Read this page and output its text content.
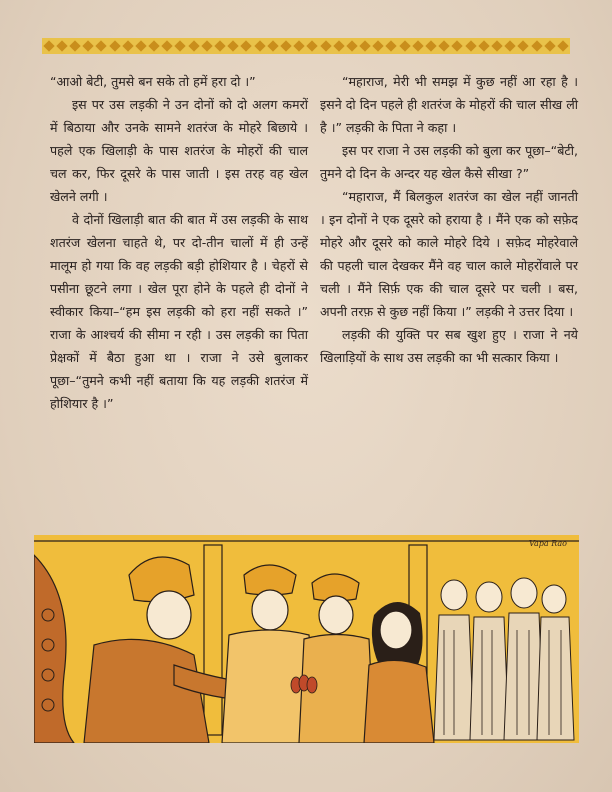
“आओ बेटी, तुमसे बन सके तो हमें हरा दो ।”

इस पर उस लड़की ने उन दोनों को दो अलग कमरों में बिठाया और उनके सामने शतरंज के मोहरे बिछाये । पहले एक खिलाड़ी के पास शतरंज के मोहरों की चाल चल कर, फिर दूसरे के पास जाती । इस तरह वह खेल खेलने लगी ।

वे दोनों खिलाड़ी बात की बात में उस लड़की के साथ शतरंज खेलना चाहते थे, पर दो-तीन चालों में ही उन्हें मालूम हो गया कि वह लड़की बड़ी होशियार है । चेहरों से पसीना छूटने लगा । खेल पूरा होने के पहले ही दोनों ने स्वीकार किया–“हम इस लड़की को हरा नहीं सकते ।” राजा के आश्चर्य की सीमा न रही । उस लड़की का पिता प्रेक्षकों में बैठा हुआ था । राजा ने उसे बुलाकर पूछा–“तुमने कभी नहीं बताया कि यह लड़की शतरंज में होशियार है ।”

“महाराज, मेरी भी समझ में कुछ नहीं आ रहा है । इसने दो दिन पहले ही शतरंज के मोहरों की चाल सीख ली है ।” लड़की के पिता ने कहा ।

इस पर राजा ने उस लड़की को बुला कर पूछा–“बेटी, तुमने दो दिन के अन्दर यह खेल कैसे सीखा ?”

“महाराज, मैं बिलकुल शतरंज का खेल नहीं जानती । इन दोनों ने एक दूसरे को हराया है । मैंने एक को सफ़ेद मोहरे और दूसरे को काले मोहरे दिये । सफ़ेद मोहरेवाले की पहली चाल देखकर मैंने वह चाल काले मोहरोंवाले पर चली । मैंने सिर्फ़ एक की चाल दूसरे पर चली । बस, अपनी तरफ़ से कुछ नहीं किया ।” लड़की ने उत्तर दिया ।

लड़की की युक्ति पर सब खुश हुए । राजा ने नये खिलाड़ियों के साथ उस लड़की का भी सत्कार किया ।

Vapa Rao
